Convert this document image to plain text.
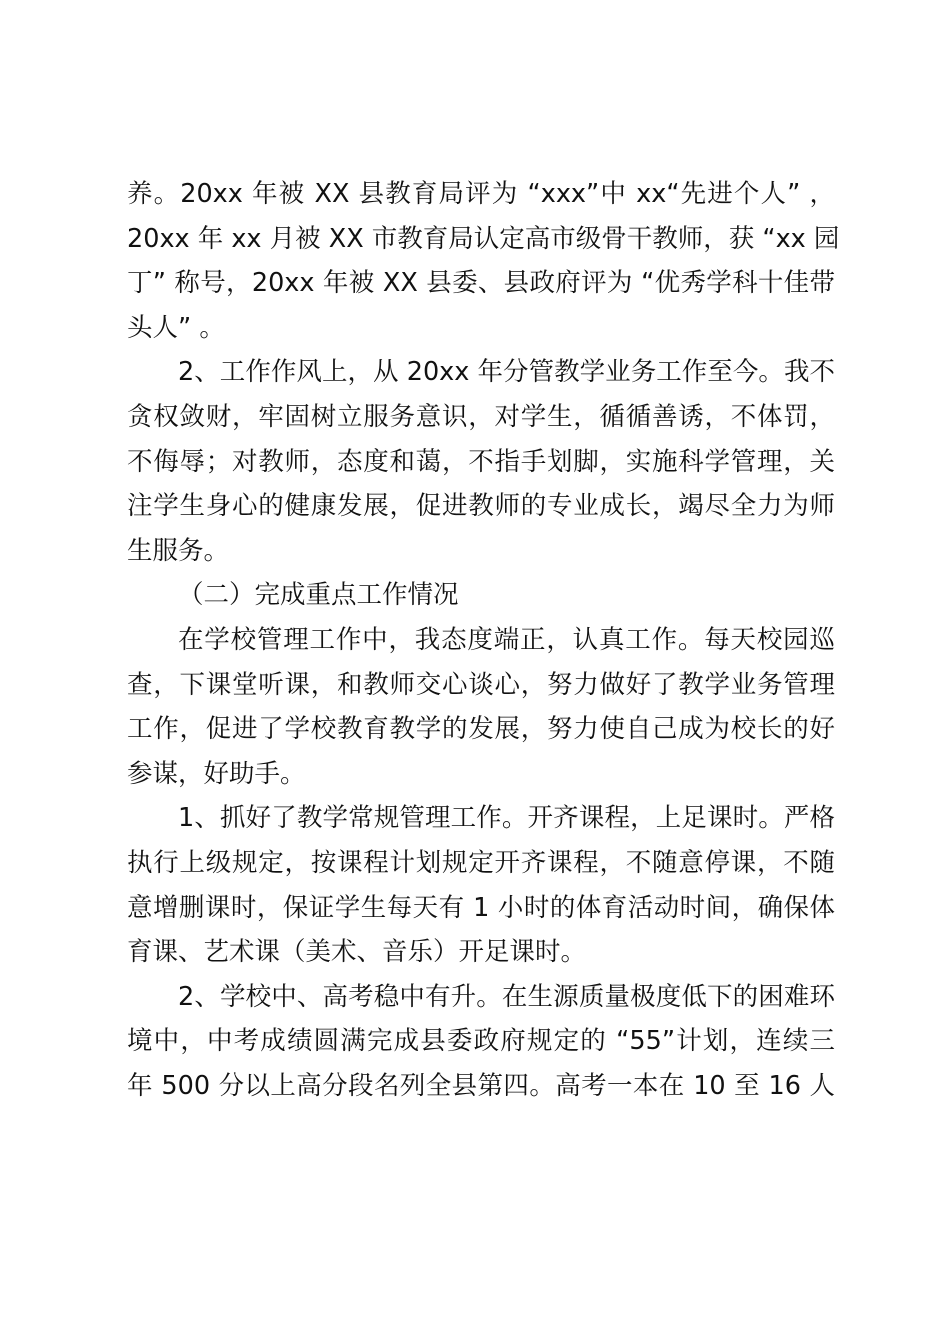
养。20xx 年被 XX 县教育局评为 “xxx”中 xx“先进个人” ，
20xx 年 xx 月被 XX 市教育局认定高市级骨干教师，获 “xx 园
丁” 称号，20xx 年被 XX 县委、县政府评为 “优秀学科十佳带
头人” 。
2、工作作风上，从 20xx 年分管教学业务工作至今。我不
贪权敛财，牢固树立服务意识，对学生，循循善诱，不体罚，
不侮辱；对教师，态度和蔼，不指手划脚，实施科学管理，关
注学生身心的健康发展，促进教师的专业成长，竭尽全力为师
生服务。
（二）完成重点工作情况
在学校管理工作中，我态度端正，认真工作。每天校园巡
查，下课堂听课，和教师交心谈心，努力做好了教学业务管理
工作，促进了学校教育教学的发展，努力使自己成为校长的好
参谋，好助手。
1、抓好了教学常规管理工作。开齐课程，上足课时。严格
执行上级规定，按课程计划规定开齐课程，不随意停课，不随
意增删课时，保证学生每天有 1 小时的体育活动时间，确保体
育课、艺术课（美术、音乐）开足课时。
2、学校中、高考稳中有升。在生源质量极度低下的困难环
境中，中考成绩圆满完成县委政府规定的 “55”计划，连续三
年 500 分以上高分段名列全县第四。高考一本在 10 至 16 人
